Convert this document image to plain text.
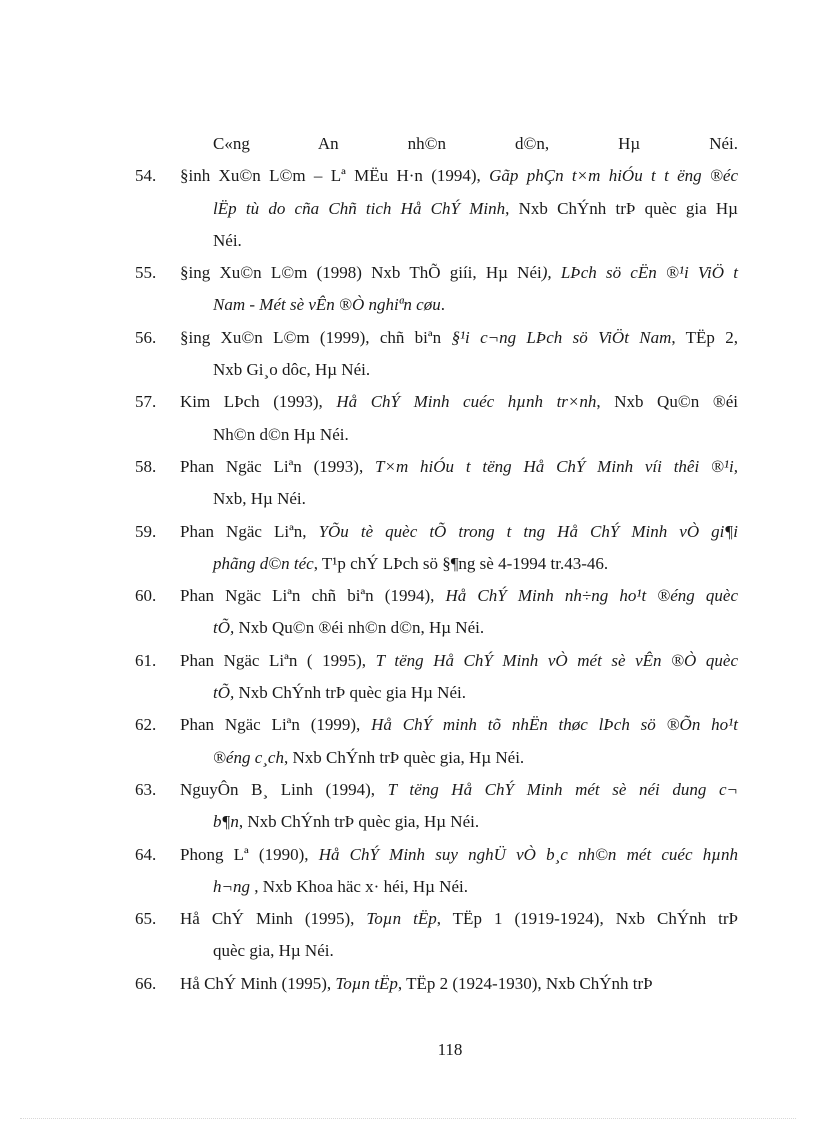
C«ng An nh©n d©n, Hµ Néi.
54.	§inh Xu©n L©m – Lª MËu H·n (1994), Gãp phÇn t×m hiÓu t t ëng ®éc
lËp tù do cña Chñ tich Hå ChÝ Minh, Nxb ChÝnh trÞ quèc gia Hµ
Néi.
55.	§ing Xu©n L©m (1998) Nxb ThÕ giíi, Hµ Néi), LÞch sö cËn ®¹i ViÖ t
Nam - Mét sè vÊn ®Ò nghiªn cøu.
56.	§ing Xu©n L©m (1999), chñ biªn §¹i c¬ng LÞch sö ViÖt Nam, TËp 2,
Nxb Gi¸o dôc, Hµ Néi.
57.	Kim LÞch (1993), Hå ChÝ Minh cuéc hµnh tr×nh, Nxb Qu©n ®éi
Nh©n d©n Hµ Néi.
58.	Phan Ngäc Liªn (1993), T×m hiÓu t tëng Hå ChÝ Minh víi thêi ®¹i,
Nxb, Hµ Néi.
59.	Phan Ngäc Liªn, YÕu tè quèc tÕ trong t tng Hå ChÝ Minh vÒ gi¶i
phãng d©n téc, T¹p chÝ LÞch sö §¶ng sè 4-1994 tr.43-46.
60.	Phan Ngäc Liªn chñ biªn (1994), Hå ChÝ Minh nh÷ng ho¹t ®éng quèc
tÕ, Nxb Qu©n ®éi nh©n d©n, Hµ Néi.
61.	Phan Ngäc Liªn ( 1995), T tëng Hå ChÝ Minh vÒ mét sè vÊn ®Ò quèc
tÕ, Nxb ChÝnh trÞ quèc gia Hµ Néi.
62.	Phan Ngäc Liªn (1999), Hå ChÝ minh tõ nhËn thøc lÞch sö ®Õn ho¹t
®éng c¸ch, Nxb ChÝnh trÞ quèc gia, Hµ Néi.
63.	NguyÔn B¸ Linh (1994), T tëng Hå ChÝ Minh mét sè néi dung c¬
b¶n, Nxb ChÝnh trÞ quèc gia, Hµ Néi.
64.	Phong Lª (1990), Hå ChÝ Minh suy nghÜ vÒ b¸c nh©n mét cuéc hµnh
h¬ng , Nxb Khoa häc x· héi, Hµ Néi.
65.	Hå ChÝ Minh (1995), Toµn tËp, TËp 1 (1919-1924), Nxb ChÝnh trÞ
quèc gia, Hµ Néi.
66.	Hå ChÝ Minh (1995), Toµn tËp, TËp 2 (1924-1930), Nxb ChÝnh trÞ
118
